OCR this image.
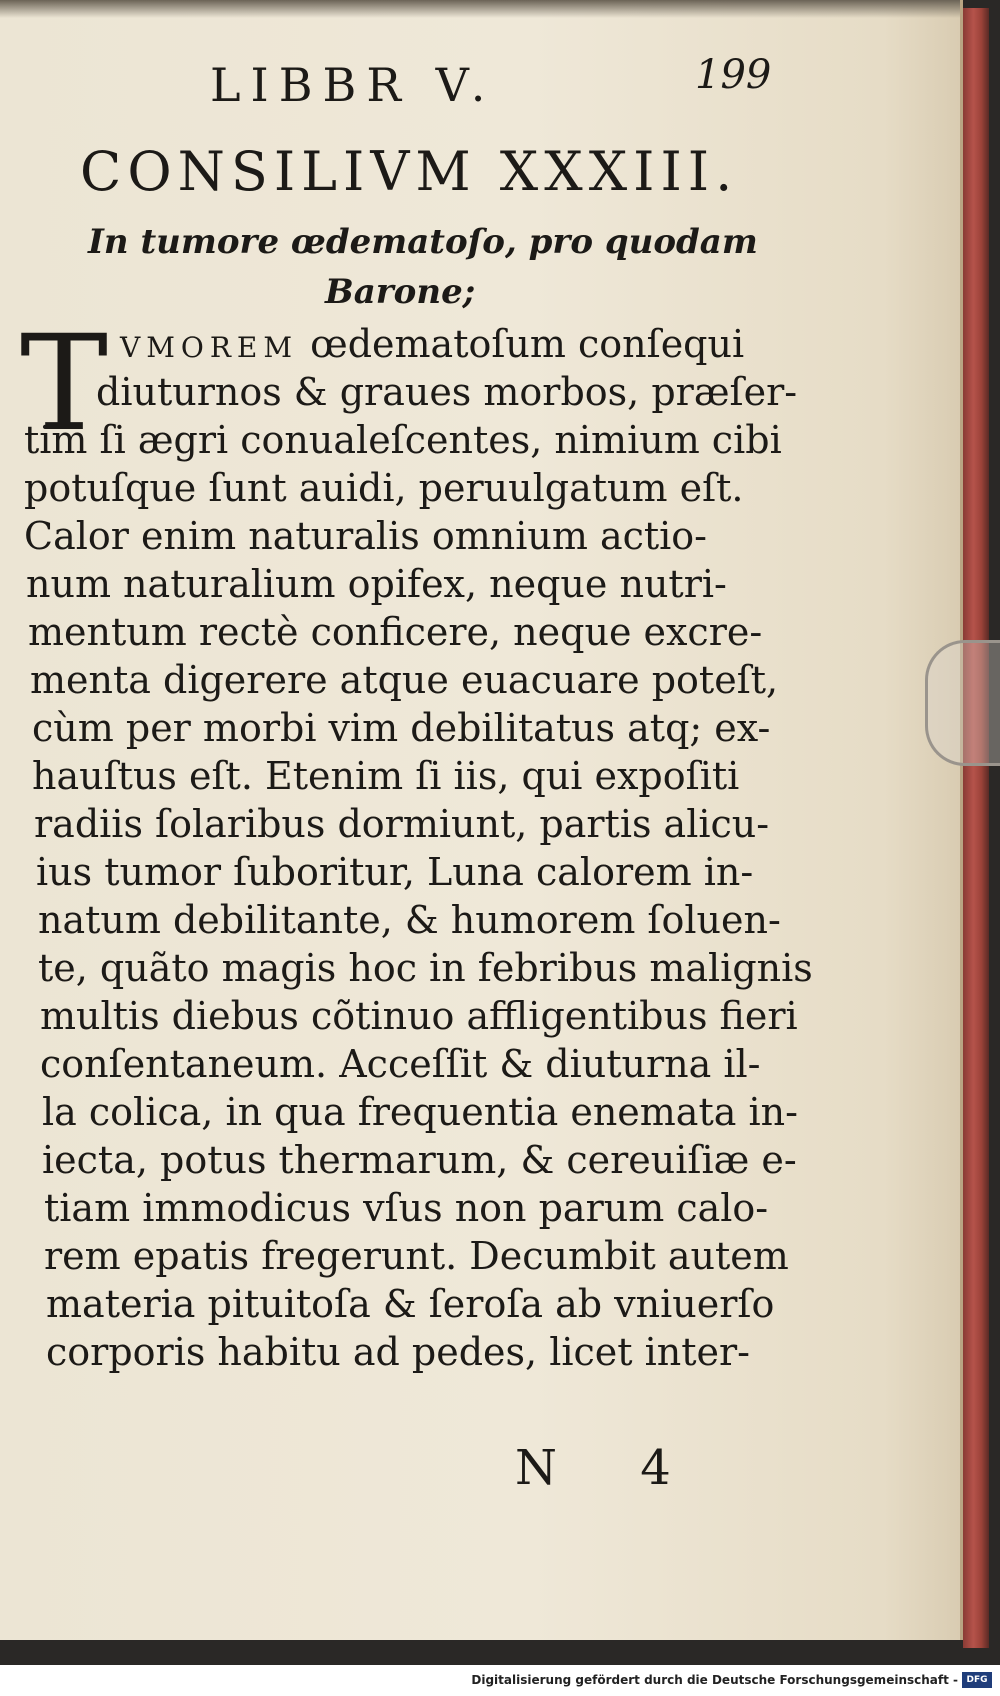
LIBBR V.	199
CONSILIVM XXXIII.
In tumore œdematoſo, pro quodam
Barone;
T VMOREM œdematoſum conſequi
diuturnos & graues morbos, præſer-
tim ſi ægri conualeſcentes, nimium cibi
potuſque ſunt auidi, peruulgatum eſt.
Calor enim naturalis omnium actio-
num naturalium opifex, neque nutri-
mentum rectè conficere, neque excre-
menta digerere atque euacuare poteſt,
cùm per morbi vim debilitatus atq; ex-
hauſtus eſt. Etenim ſi iis, qui expoſiti
radiis ſolaribus dormiunt, partis alicu-
ius tumor ſuboritur, Luna calorem in-
natum debilitante, & humorem ſoluen-
te, quãto magis hoc in febribus malignis
multis diebus cõtinuo affligentibus fieri
conſentaneum. Acceſſit & diuturna il-
la colica, in qua frequentia enemata in-
iecta, potus thermarum, & cereuiſiæ e-
tiam immodicus vſus non parum calo-
rem epatis fregerunt. Decumbit autem
materia pituitoſa & ſeroſa ab vniuerſo
corporis habitu ad pedes, licet inter-
N 4
Digitalisierung gefördert durch die Deutsche Forschungsgemeinschaft - DFG
